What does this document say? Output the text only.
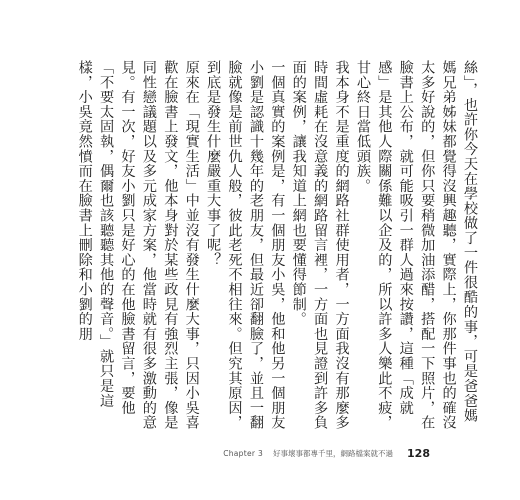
絲」，也許你今天在學校做了一件很酷的事，可是爸爸媽媽兄弟姊妹都覺得沒興趣聽，實際上，你那件事也的確沒太多好說的，但你只要稍微加油添醋，搭配一下照片，在臉書上公布，就可能吸引一群人過來按讚，這種「成就感」是其他人際關係難以企及的，所以許多人樂此不疲，甘心終日當低頭族。

我本身不是重度的網路社群使用者，一方面我沒有那麼多時間虛耗在沒意義的網路留言裡，一方面也見證到許多負面的案例，讓我知道上網也要懂得節制。

一個真實的案例是，有一個朋友小吳，他和他另一個朋友小劉是認識十幾年的老朋友，但最近卻翻臉了，並且一翻臉就像是前世仇人般，彼此老死不相往來。但究其原因，到底是發生什麼嚴重大事了呢？

原來在「現實生活」中並沒有發生什麼大事，只因小吳喜歡在臉書上發文，他本身對於某些政見有強烈主張，像是同性戀議題以及多元成家方案，他當時就有很多激動的意見。有一次，好友小劉只是好心的在他臉書留言，要他「不要太固執，偶爾也該聽聽其他的聲音。」就只是這樣，小吳竟然憤而在臉書上刪除和小劉的朋

Chapter 3 好事壞事都專千里，網路檔案就不過 128
